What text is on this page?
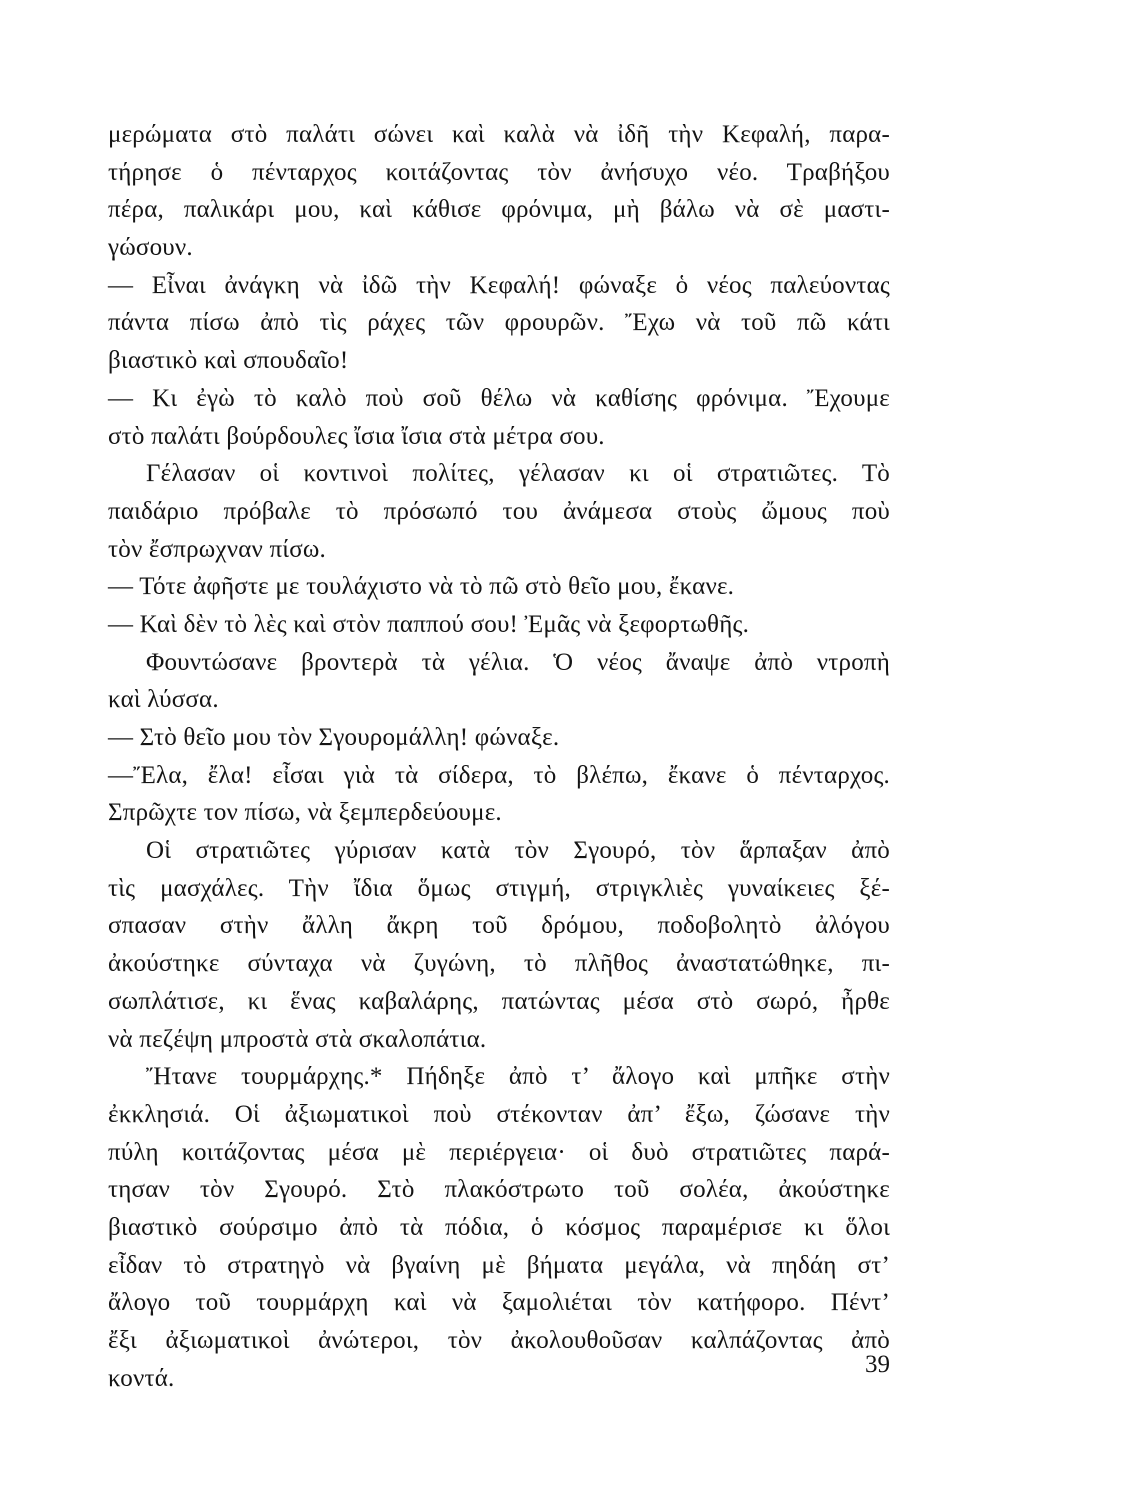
μερώματα στὸ παλάτι σώνει καὶ καλὰ νὰ ἰδῆ τὴν Κεφαλή, παρα-
τήρησε ὁ πένταρχος κοιτάζοντας τὸν ἀνήσυχο νέο. Τραβήξου
πέρα, παλικάρι μου, καὶ κάθισε φρόνιμα, μὴ βάλω νὰ σὲ μαστι-
γώσουν.
— Εἶναι ἀνάγκη νὰ ἰδῶ τὴν Κεφαλή! φώναξε ὁ νέος παλεύοντας
πάντα πίσω ἀπὸ τὶς ράχες τῶν φρουρῶν. Ἔχω νὰ τοῦ πῶ κάτι
βιαστικὸ καὶ σπουδαῖο!
— Κι ἐγὼ τὸ καλὸ ποὺ σοῦ θέλω νὰ καθίσης φρόνιμα. Ἔχουμε
στὸ παλάτι βούρδουλες ἴσια ἴσια στὰ μέτρα σου.
Γέλασαν οἱ κοντινοὶ πολίτες, γέλασαν κι οἱ στρατιῶτες. Τὸ
παιδάριο πρόβαλε τὸ πρόσωπό του ἀνάμεσα στοὺς ὤμους ποὺ
τὸν ἔσπρωχναν πίσω.
— Τότε ἀφῆστε με τουλάχιστο νὰ τὸ πῶ στὸ θεῖο μου, ἔκανε.
— Καὶ δὲν τὸ λὲς καὶ στὸν παππού σου! Ἐμᾶς νὰ ξεφορτωθῆς.
Φουντώσανε βροντερὰ τὰ γέλια. Ὁ νέος ἄναψε ἀπὸ ντροπὴ
καὶ λύσσα.
— Στὸ θεῖο μου τὸν Σγουρομάλλη! φώναξε.
—Ἔλα, ἔλα! εἶσαι γιὰ τὰ σίδερα, τὸ βλέπω, ἔκανε ὁ πένταρχος.
Σπρῶχτε τον πίσω, νὰ ξεμπερδεύουμε.
Οἱ στρατιῶτες γύρισαν κατὰ τὸν Σγουρό, τὸν ἅρπαξαν ἀπὸ
τὶς μασχάλες. Τὴν ἴδια ὅμως στιγμή, στριγκλιὲς γυναίκειες ξέ-
σπασαν στὴν ἄλλη ἄκρη τοῦ δρόμου, ποδοβολητὸ ἀλόγου
ἀκούστηκε σύνταχα νὰ ζυγώνη, τὸ πλῆθος ἀναστατώθηκε, πι-
σωπλάτισε, κι ἕνας καβαλάρης, πατώντας μέσα στὸ σωρό, ἦρθε
νὰ πεζέψη μπροστὰ στὰ σκαλοπάτια.
Ἤτανε τουρμάρχης.* Πήδηξε ἀπὸ τ’ ἄλογο καὶ μπῆκε στὴν
ἐκκλησιά. Οἱ ἀξιωματικοὶ ποὺ στέκονταν ἀπ’ ἔξω, ζώσανε τὴν
πύλη κοιτάζοντας μέσα μὲ περιέργεια· οἱ δυὸ στρατιῶτες παρά-
τησαν τὸν Σγουρό. Στὸ πλακόστρωτο τοῦ σολέα, ἀκούστηκε
βιαστικὸ σούρσιμο ἀπὸ τὰ πόδια, ὁ κόσμος παραμέρισε κι ὅλοι
εἶδαν τὸ στρατηγὸ νὰ βγαίνη μὲ βήματα μεγάλα, νὰ πηδάη στ’
ἄλογο τοῦ τουρμάρχη καὶ νὰ ξαμολιέται τὸν κατήφορο. Πέντ’
ἔξι ἀξιωματικοὶ ἀνώτεροι, τὸν ἀκολουθοῦσαν καλπάζοντας ἀπὸ
κοντά.
39
